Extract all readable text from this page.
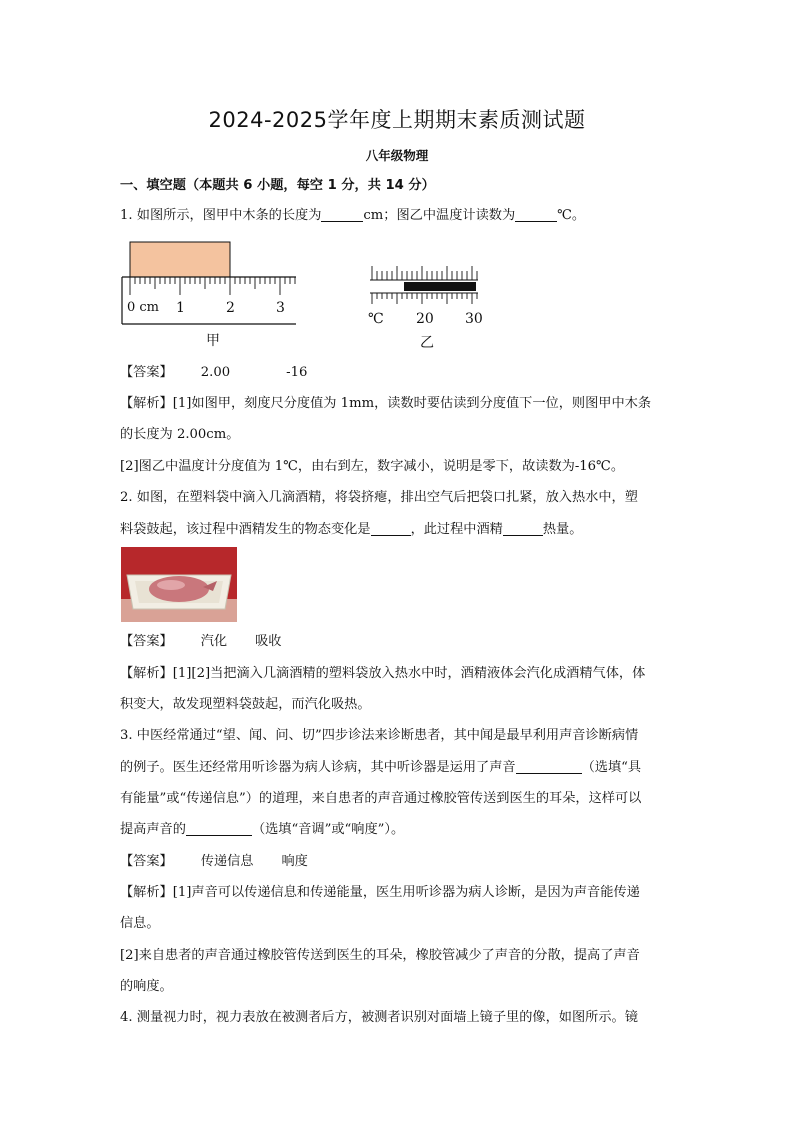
2024-2025学年度上期期末素质测试题
八年级物理
一、填空题（本题共 6 小题，每空 1 分，共 14 分）
1. 如图所示，图甲中木条的长度为	cm；图乙中温度计读数为	℃。
0 cm 1	2	3
甲
℃ 20 30
乙
【答案】 2.00	-16
【解析】[1]如图甲，刻度尺分度值为 1mm，读数时要估读到分度值下一位，则图甲中木条
的长度为 2.00cm。
[2]图乙中温度计分度值为 1℃，由右到左，数字减小，说明是零下，故读数为-16℃。
2. 如图，在塑料袋中滴入几滴酒精，将袋挤瘪，排出空气后把袋口扎紧，放入热水中，塑
料袋鼓起，该过程中酒精发生的物态变化是	，此过程中酒精	热量。
【答案】 汽化 吸收
【解析】[1][2]当把滴入几滴酒精的塑料袋放入热水中时，酒精液体会汽化成酒精气体，体
积变大，故发现塑料袋鼓起，而汽化吸热。
3. 中医经常通过“望、闻、问、切”四步诊法来诊断患者，其中闻是最早利用声音诊断病情
的例子。医生还经常用听诊器为病人诊病，其中听诊器是运用了声音	（选填“具
有能量”或“传递信息”）的道理，来自患者的声音通过橡胶管传送到医生的耳朵，这样可以
提高声音的	（选填“音调”或“响度”）。
【答案】 传递信息 响度
【解析】[1]声音可以传递信息和传递能量，医生用听诊器为病人诊断，是因为声音能传递
信息。
[2]来自患者的声音通过橡胶管传送到医生的耳朵，橡胶管减少了声音的分散，提高了声音
的响度。
4. 测量视力时，视力表放在被测者后方，被测者识别对面墙上镜子里的像，如图所示。镜
